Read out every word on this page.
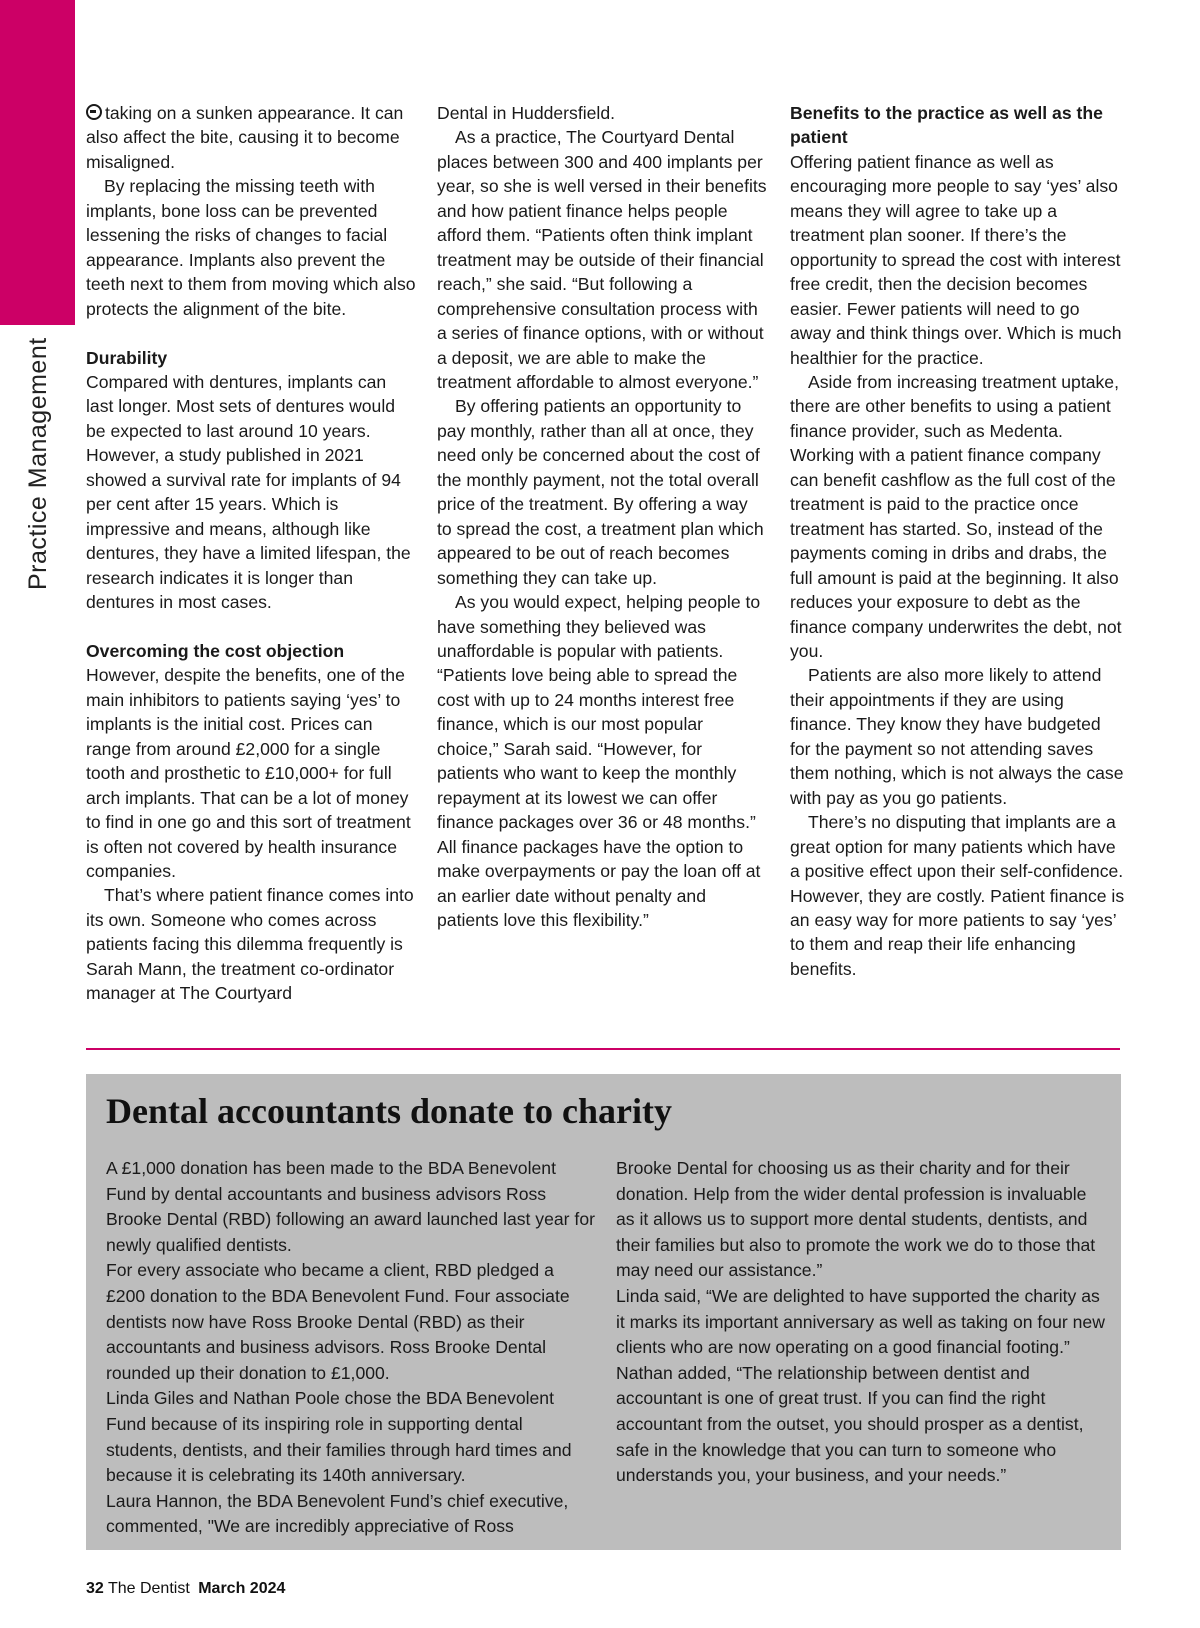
Practice Management

taking on a sunken appearance. It can also affect the bite, causing it to become misaligned.

By replacing the missing teeth with implants, bone loss can be prevented lessening the risks of changes to facial appearance. Implants also prevent the teeth next to them from moving which also protects the alignment of the bite.

Durability

Compared with dentures, implants can last longer. Most sets of dentures would be expected to last around 10 years. However, a study published in 2021 showed a survival rate for implants of 94 per cent after 15 years. Which is impressive and means, although like dentures, they have a limited lifespan, the research indicates it is longer than dentures in most cases.

Overcoming the cost objection

However, despite the benefits, one of the main inhibitors to patients saying ‘yes’ to implants is the initial cost. Prices can range from around £2,000 for a single tooth and prosthetic to £10,000+ for full arch implants. That can be a lot of money to find in one go and this sort of treatment is often not covered by health insurance companies.

That’s where patient finance comes into its own. Someone who comes across patients facing this dilemma frequently is Sarah Mann, the treatment co-ordinator manager at The Courtyard

Dental in Huddersfield.

As a practice, The Courtyard Dental places between 300 and 400 implants per year, so she is well versed in their benefits and how patient finance helps people afford them. “Patients often think implant treatment may be outside of their financial reach,” she said. “But following a comprehensive consultation process with a series of finance options, with or without a deposit, we are able to make the treatment affordable to almost everyone.”

By offering patients an opportunity to pay monthly, rather than all at once, they need only be concerned about the cost of the monthly payment, not the total overall price of the treatment. By offering a way to spread the cost, a treatment plan which appeared to be out of reach becomes something they can take up.

As you would expect, helping people to have something they believed was unaffordable is popular with patients. “Patients love being able to spread the cost with up to 24 months interest free finance, which is our most popular choice,” Sarah said. “However, for patients who want to keep the monthly repayment at its lowest we can offer finance packages over 36 or 48 months.” All finance packages have the option to make overpayments or pay the loan off at an earlier date without penalty and patients love this flexibility.”

Benefits to the practice as well as the patient

Offering patient finance as well as encouraging more people to say ‘yes’ also means they will agree to take up a treatment plan sooner. If there’s the opportunity to spread the cost with interest free credit, then the decision becomes easier. Fewer patients will need to go away and think things over. Which is much healthier for the practice.

Aside from increasing treatment uptake, there are other benefits to using a patient finance provider, such as Medenta. Working with a patient finance company can benefit cashflow as the full cost of the treatment is paid to the practice once treatment has started. So, instead of the payments coming in dribs and drabs, the full amount is paid at the beginning. It also reduces your exposure to debt as the finance company underwrites the debt, not you.

Patients are also more likely to attend their appointments if they are using finance. They know they have budgeted for the payment so not attending saves them nothing, which is not always the case with pay as you go patients.

There’s no disputing that implants are a great option for many patients which have a positive effect upon their self-confidence. However, they are costly. Patient finance is an easy way for more patients to say ‘yes’ to them and reap their life enhancing benefits.

Dental accountants donate to charity

A £1,000 donation has been made to the BDA Benevolent Fund by dental accountants and business advisors Ross Brooke Dental (RBD) following an award launched last year for newly qualified dentists.

For every associate who became a client, RBD pledged a £200 donation to the BDA Benevolent Fund. Four associate dentists now have Ross Brooke Dental (RBD) as their accountants and business advisors. Ross Brooke Dental rounded up their donation to £1,000.

Linda Giles and Nathan Poole chose the BDA Benevolent Fund because of its inspiring role in supporting dental students, dentists, and their families through hard times and because it is celebrating its 140th anniversary.

Laura Hannon, the BDA Benevolent Fund’s chief executive, commented, "We are incredibly appreciative of Ross

Brooke Dental for choosing us as their charity and for their donation. Help from the wider dental profession is invaluable as it allows us to support more dental students, dentists, and their families but also to promote the work we do to those that may need our assistance.”

Linda said, “We are delighted to have supported the charity as it marks its important anniversary as well as taking on four new clients who are now operating on a good financial footing.”

Nathan added, “The relationship between dentist and accountant is one of great trust. If you can find the right accountant from the outset, you should prosper as a dentist, safe in the knowledge that you can turn to someone who understands you, your business, and your needs.”

32 The Dentist March 2024
